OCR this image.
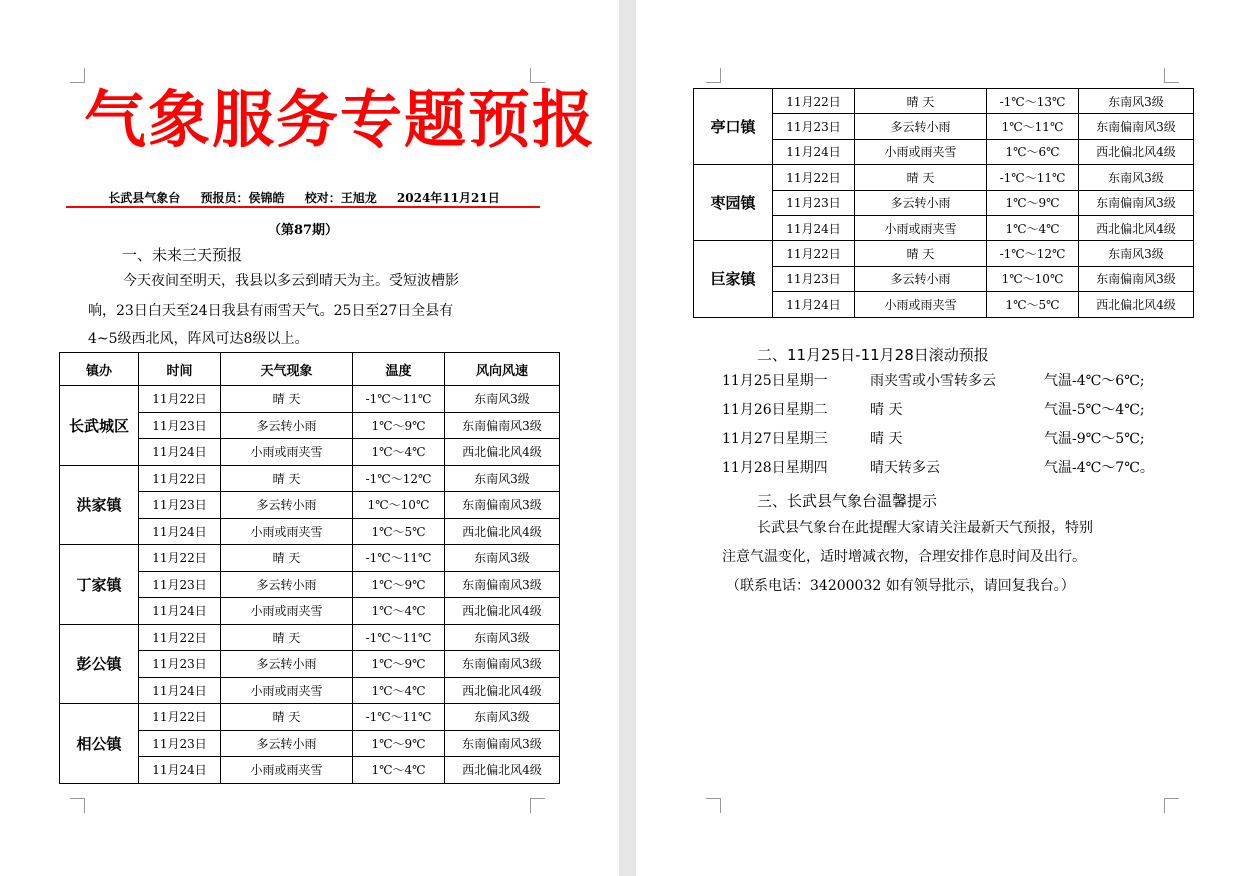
气象服务专题预报
长武县气象台 预报员：侯锦皓 校对：王旭龙 2024年11月21日
（第87期）
一、未来三天预报
今天夜间至明天，我县以多云到晴天为主。受短波槽影
响，23日白天至24日我县有雨雪天气。25日至27日全县有
4~5级西北风，阵风可达8级以上。
镇办	时间	天气现象	温度	风向风速
长武城区	11月22日	晴 天	-1℃～11℃	东南风3级
	11月23日	多云转小雨	1℃～9℃	东南偏南风3级
	11月24日	小雨或雨夹雪	1℃～4℃	西北偏北风4级
洪家镇	11月22日	晴 天	-1℃～12℃	东南风3级
	11月23日	多云转小雨	1℃～10℃	东南偏南风3级
	11月24日	小雨或雨夹雪	1℃～5℃	西北偏北风4级
丁家镇	11月22日	晴 天	-1℃～11℃	东南风3级
	11月23日	多云转小雨	1℃～9℃	东南偏南风3级
	11月24日	小雨或雨夹雪	1℃～4℃	西北偏北风4级
彭公镇	11月22日	晴 天	-1℃～11℃	东南风3级
	11月23日	多云转小雨	1℃～9℃	东南偏南风3级
	11月24日	小雨或雨夹雪	1℃～4℃	西北偏北风4级
相公镇	11月22日	晴 天	-1℃～11℃	东南风3级
	11月23日	多云转小雨	1℃～9℃	东南偏南风3级
	11月24日	小雨或雨夹雪	1℃～4℃	西北偏北风4级
亭口镇	11月22日	晴 天	-1℃～13℃	东南风3级
	11月23日	多云转小雨	1℃～11℃	东南偏南风3级
	11月24日	小雨或雨夹雪	1℃～6℃	西北偏北风4级
枣园镇	11月22日	晴 天	-1℃～11℃	东南风3级
	11月23日	多云转小雨	1℃～9℃	东南偏南风3级
	11月24日	小雨或雨夹雪	1℃～4℃	西北偏北风4级
巨家镇	11月22日	晴 天	-1℃～12℃	东南风3级
	11月23日	多云转小雨	1℃～10℃	东南偏南风3级
	11月24日	小雨或雨夹雪	1℃～5℃	西北偏北风4级
二、11月25日-11月28日滚动预报
11月25日星期一	雨夹雪或小雪转多云	气温-4℃～6℃;
11月26日星期二	晴 天	气温-5℃～4℃;
11月27日星期三	晴 天	气温-9℃～5℃;
11月28日星期四	晴天转多云	气温-4℃～7℃。
三、长武县气象台温馨提示
长武县气象台在此提醒大家请关注最新天气预报，特别
注意气温变化，适时增减衣物，合理安排作息时间及出行。
（联系电话：34200032 如有领导批示，请回复我台。）
